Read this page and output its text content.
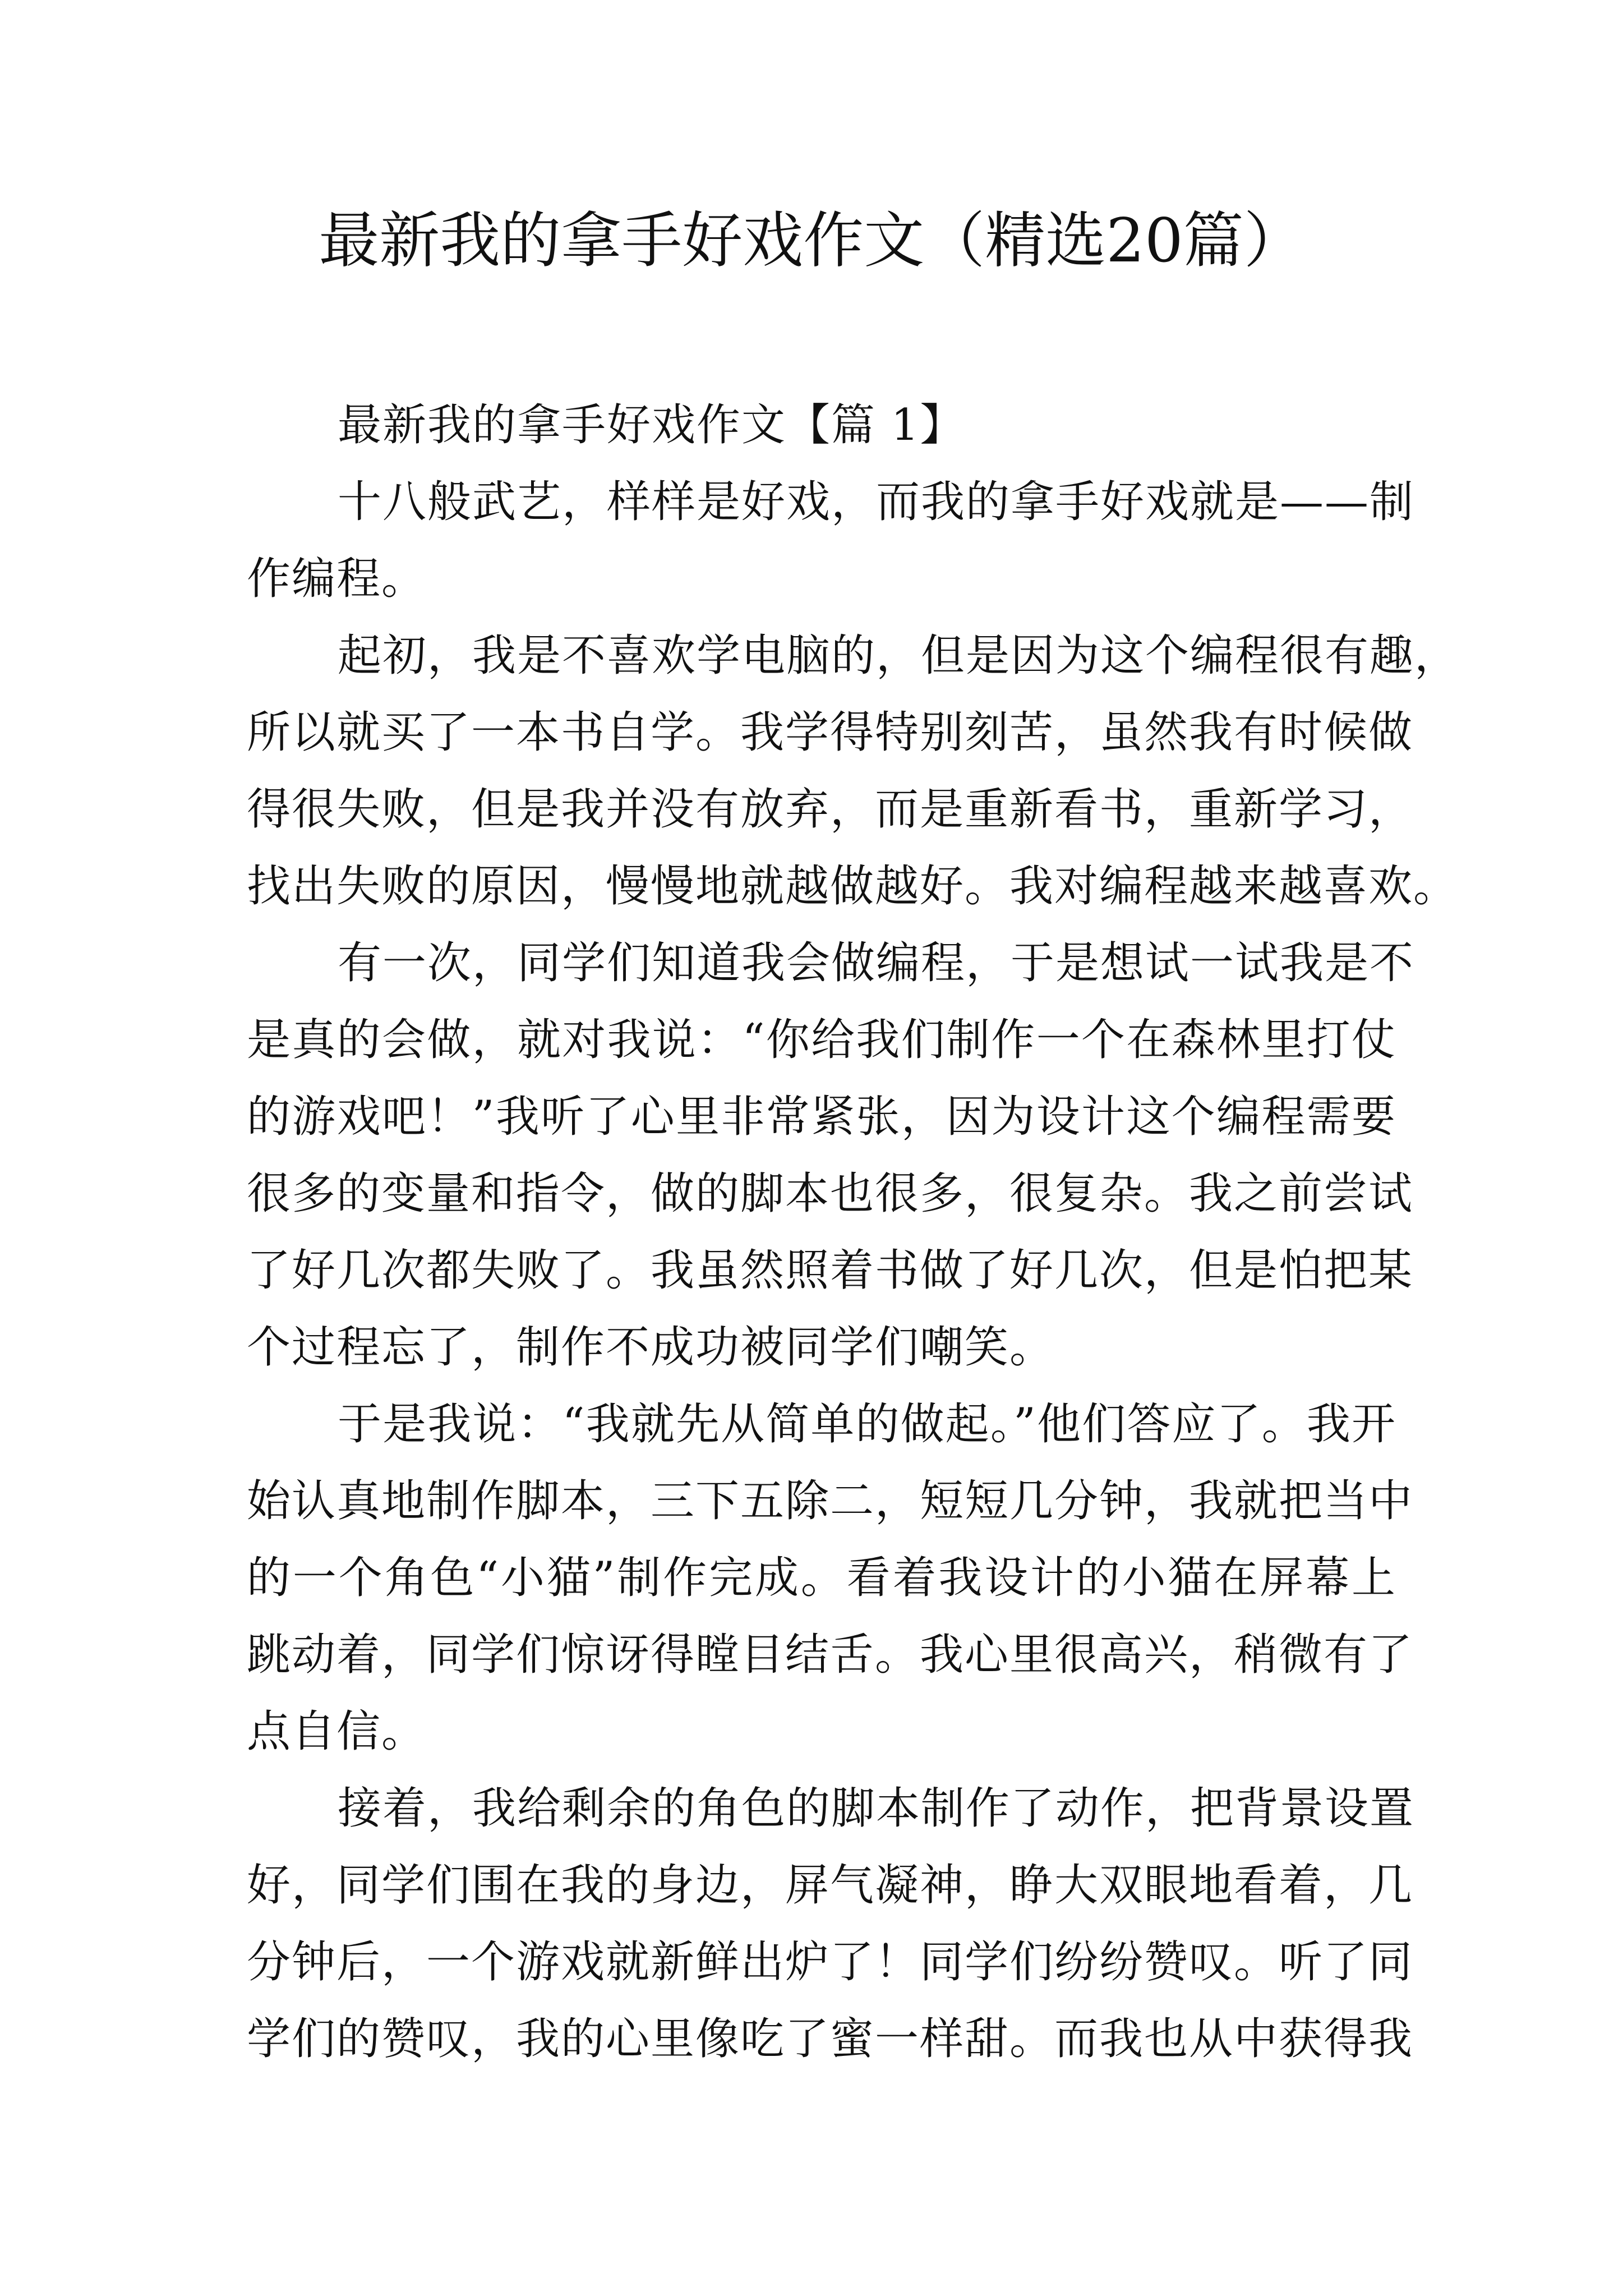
最新我的拿手好戏作文（精选20篇）
最新我的拿手好戏作文【篇 1】
十八般武艺，样样是好戏，而我的拿手好戏就是——制
作编程。
起初，我是不喜欢学电脑的，但是因为这个编程很有趣，
所以就买了一本书自学。我学得特别刻苦，虽然我有时候做
得很失败，但是我并没有放弃，而是重新看书，重新学习，
找出失败的原因，慢慢地就越做越好。我对编程越来越喜欢。
有一次，同学们知道我会做编程，于是想试一试我是不
是真的会做，就对我说：“你给我们制作一个在森林里打仗
的游戏吧！”我听了心里非常紧张，因为设计这个编程需要
很多的变量和指令，做的脚本也很多，很复杂。我之前尝试
了好几次都失败了。我虽然照着书做了好几次，但是怕把某
个过程忘了，制作不成功被同学们嘲笑。
于是我说：“我就先从简单的做起。”他们答应了。我开
始认真地制作脚本，三下五除二，短短几分钟，我就把当中
的一个角色“小猫”制作完成。看着我设计的小猫在屏幕上
跳动着，同学们惊讶得瞠目结舌。我心里很高兴，稍微有了
点自信。
接着，我给剩余的角色的脚本制作了动作，把背景设置
好，同学们围在我的身边，屏气凝神，睁大双眼地看着，几
分钟后，一个游戏就新鲜出炉了！同学们纷纷赞叹。听了同
学们的赞叹，我的心里像吃了蜜一样甜。而我也从中获得我
